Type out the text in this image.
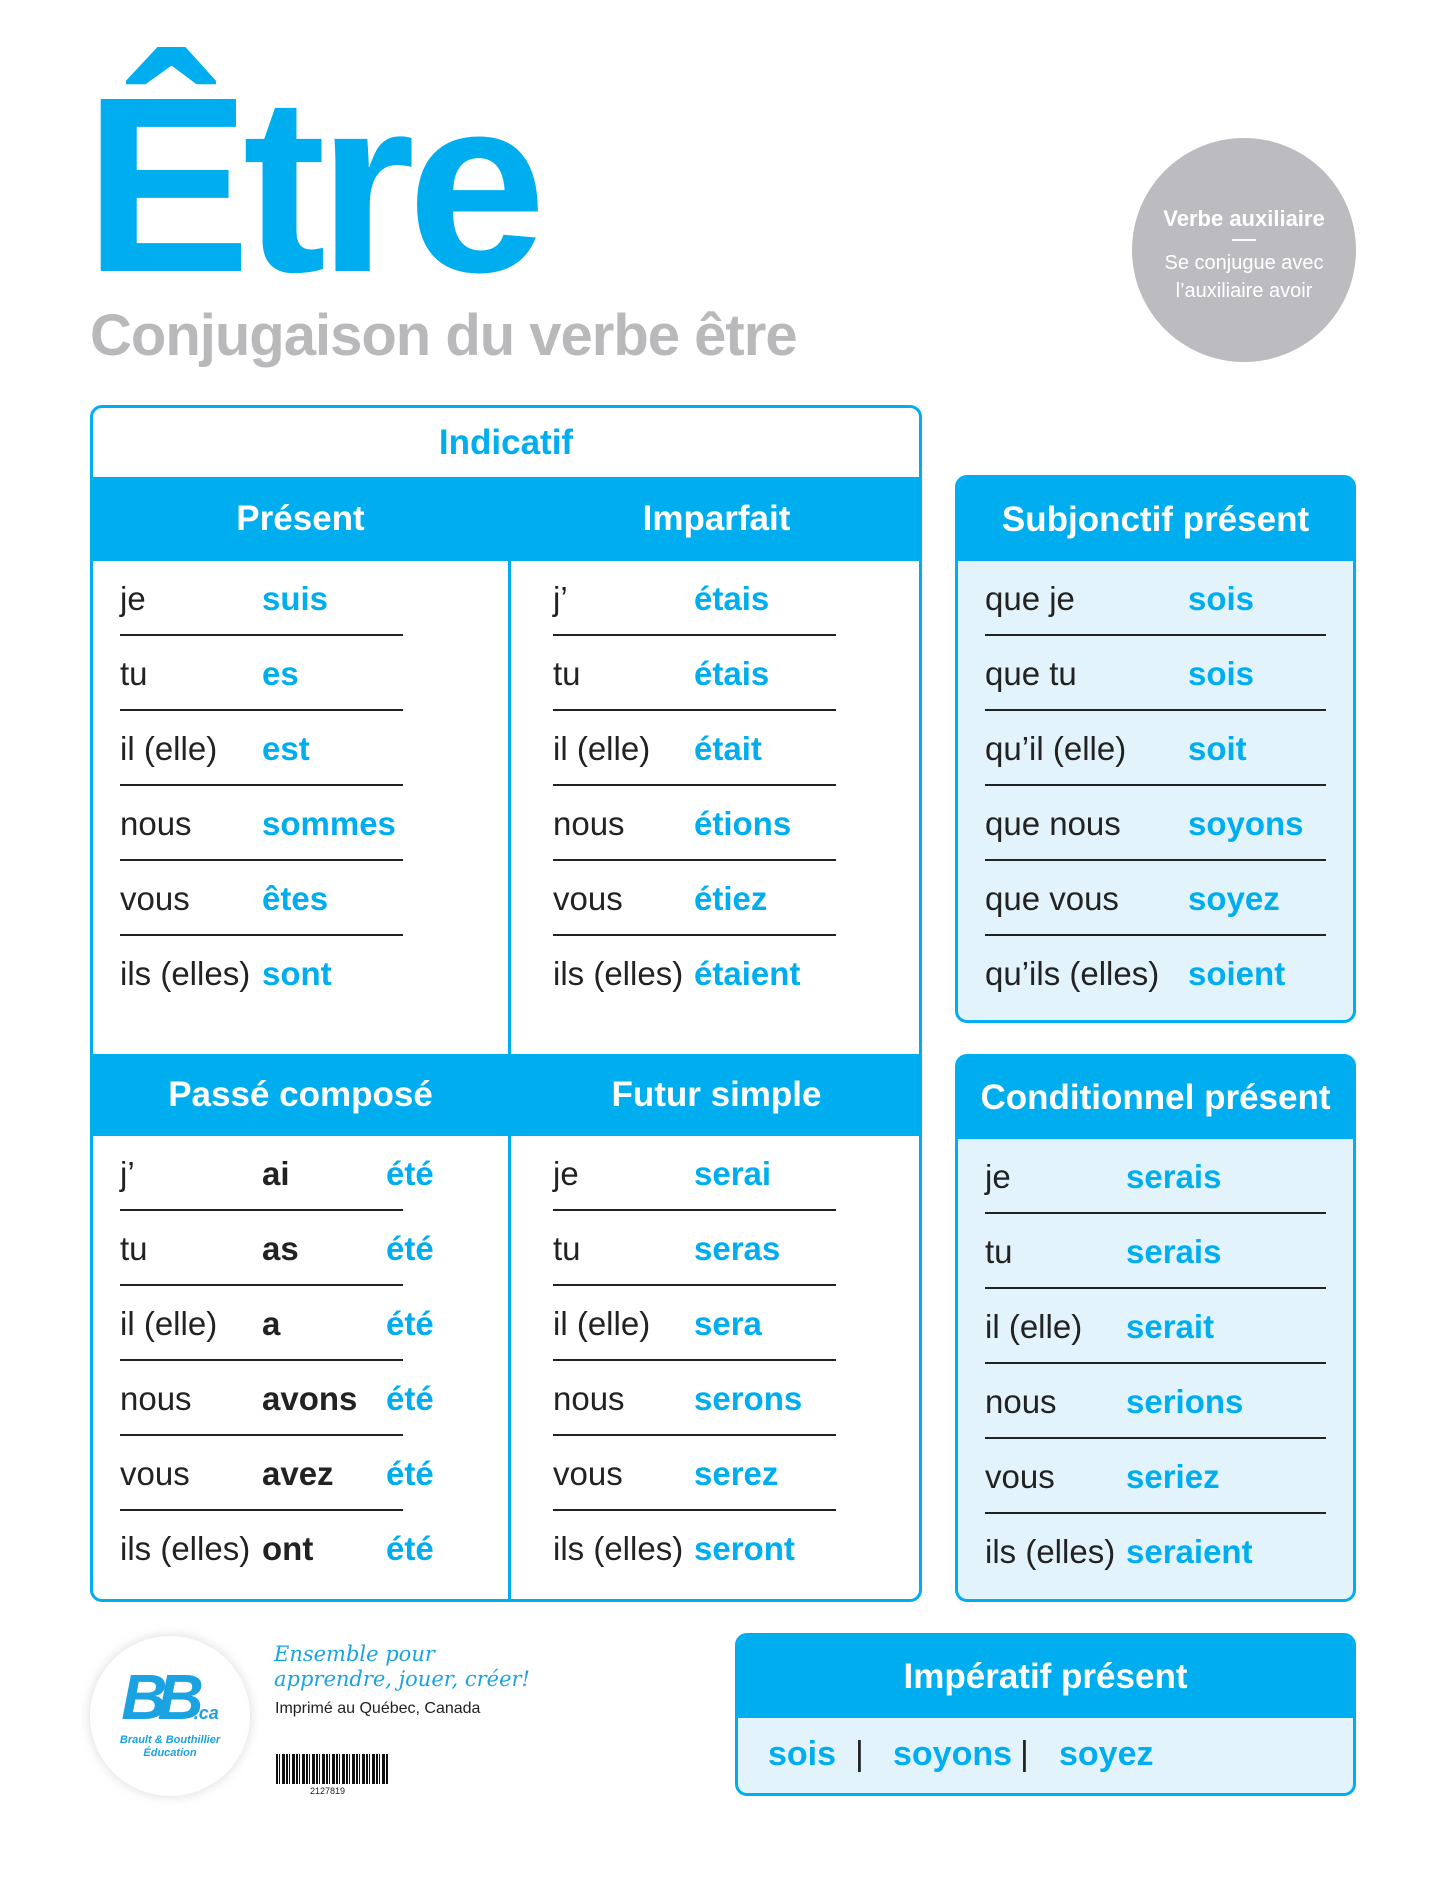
Être
Conjugaison du verbe être
Verbe auxiliaire
Se conjugue avec
l’auxiliaire avoir
Indicatif
Présent
je	suis
tu	es
il (elle) est
nous sommes
vous êtes
ils (elles) sont
Imparfait
j’	étais
tu	étais
il (elle) était
nous étions
vous étiez
ils (elles) étaient
Passé composé
j’	ai	été
tu	as	été
il (elle) a	été
nous avons été
vous avez été
ils (elles) ont été
Futur simple
je	serai
tu	seras
il (elle) sera
nous serons
vous serez
ils (elles) seront
Subjonctif présent
que je	sois
que tu	sois
qu’il (elle) soit
que nous soyons
que vous soyez
qu’ils (elles) soient
Conditionnel présent
je	serais
tu	serais
il (elle) serait
nous serions
vous seriez
ils (elles) seraient
Impératif présent
sois | soyons | soyez
BB.ca
Brault & Bouthillier
Éducation
Ensemble pour
apprendre, jouer, créer!
Imprimé au Québec, Canada
2127819
